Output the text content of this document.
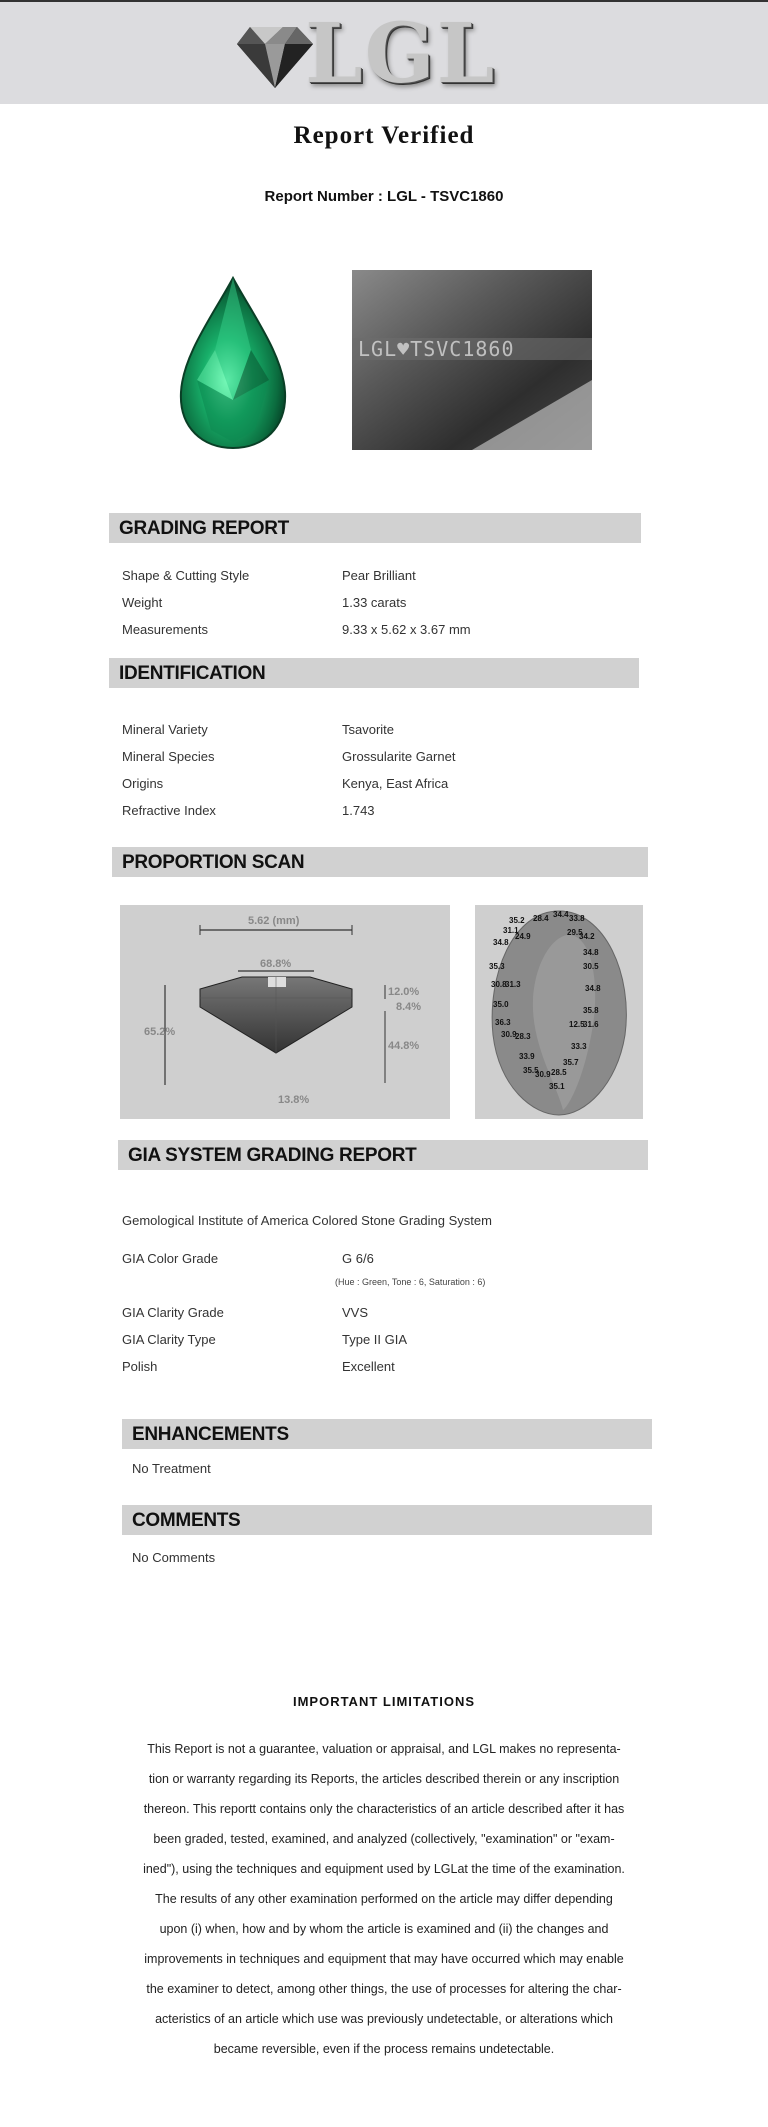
LGL
Report Verified
Report Number : LGL - TSVC1860
LGL♥TSVC1860
GRADING REPORT
Shape & Cutting Style	Pear Brilliant
Weight	1.33 carats
Measurements	9.33 x 5.62 x 3.67 mm
IDENTIFICATION
Mineral Variety	Tsavorite
Mineral Species	Grossularite Garnet
Origins	Kenya, East Africa
Refractive Index	1.743
PROPORTION SCAN
5.62 (mm)
68.8%
65.2%
12.0%
8.4%
44.8%
13.8%
35.2 28.4 34.4 33.8
31.1	29.5
24.9	34.2
34.8
34.8
35.3	30.5
30.8
31.3	34.8
35.0
35.8
36.3	12.5
31.6
30.9
28.3
33.3
33.9
35.7
35.5
30.9 28.5
35.1
GIA SYSTEM GRADING REPORT
Gemological Institute of America Colored Stone Grading System
GIA Color Grade	G 6/6
(Hue : Green, Tone : 6, Saturation : 6)
GIA Clarity Grade	VVS
GIA Clarity Type	Type II GIA
Polish	Excellent
ENHANCEMENTS
No Treatment
COMMENTS
No Comments
IMPORTANT LIMITATIONS
This Report is not a guarantee, valuation or appraisal, and LGL makes no representa-
tion or warranty regarding its Reports, the articles described therein or any inscription
thereon. This reportt contains only the characteristics of an article described after it has
been graded, tested, examined, and analyzed (collectively, "examination" or "exam-
ined"), using the techniques and equipment used by LGLat the time of the examination.
The results of any other examination performed on the article may differ depending
upon (i) when, how and by whom the article is examined and (ii) the changes and
improvements in techniques and equipment that may have occurred which may enable
the examiner to detect, among other things, the use of processes for altering the char-
acteristics of an article which use was previously undetectable, or alterations which
became reversible, even if the process remains undetectable.
